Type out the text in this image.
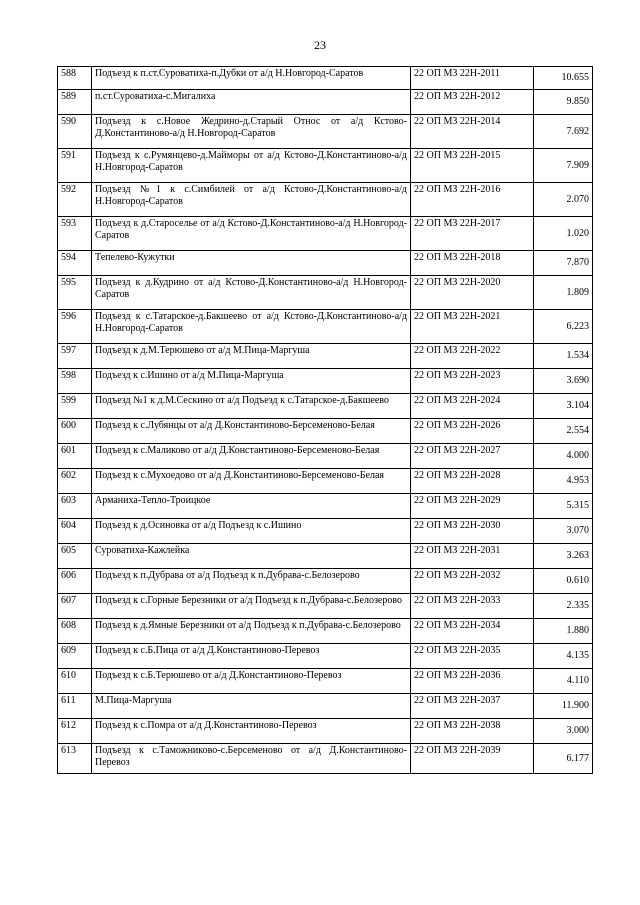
23
588	Подъезд к п.ст.Суроватиха-п.Дубки от а/д Н.Новгород-Саратов	22 ОП МЗ 22Н-2011	10.655
589	п.ст.Суроватиха-с.Мигалиха	22 ОП МЗ 22Н-2012	9.850
590	Подъезд к с.Новое Жедрино-д.Старый Относ от а/д Кстово-Д.Константиново-а/д Н.Новгород-Саратов	22 ОП МЗ 22Н-2014	7.692
591	Подъезд к с.Румянцево-д.Майморы от а/д Кстово-Д.Константиново-а/д Н.Новгород-Саратов	22 ОП МЗ 22Н-2015	7.909
592	Подъезд №1 к с.Симбилей от а/д Кстово-Д.Константиново-а/д Н.Новгород-Саратов	22 ОП МЗ 22Н-2016	2.070
593	Подъезд к д.Староселье от а/д Кстово-Д.Константиново-а/д Н.Новгород-Саратов	22 ОП МЗ 22Н-2017	1.020
594	Тепелево-Кужутки	22 ОП МЗ 22Н-2018	7.870
595	Подъезд к д.Кудрино от а/д Кстово-Д.Константиново-а/д Н.Новгород-Саратов	22 ОП МЗ 22Н-2020	1.809
596	Подъезд к с.Татарское-д.Бакшеево от а/д Кстово-Д.Константиново-а/д Н.Новгород-Саратов	22 ОП МЗ 22Н-2021	6.223
597	Подъезд к д.М.Терюшево от а/д М.Пица-Маргуша	22 ОП МЗ 22Н-2022	1.534
598	Подъезд к с.Ишино от а/д М.Пица-Маргуша	22 ОП МЗ 22Н-2023	3.690
599	Подъезд №1 к д.М.Сескино от а/д Подъезд к с.Татарское-д.Бакшеево	22 ОП МЗ 22Н-2024	3.104
600	Подъезд к с.Лубянцы от а/д Д.Константиново-Берсеменово-Белая	22 ОП МЗ 22Н-2026	2.554
601	Подъезд к с.Маликово от а/д Д.Константиново-Берсеменово-Белая	22 ОП МЗ 22Н-2027	4.000
602	Подъезд к с.Мухоедово от а/д Д.Константиново-Берсеменово-Белая	22 ОП МЗ 22Н-2028	4.953
603	Арманиха-Тепло-Троицкое	22 ОП МЗ 22Н-2029	5.315
604	Подъезд к д.Осиновка от а/д Подъезд к с.Ишино	22 ОП МЗ 22Н-2030	3.070
605	Суроватиха-Кажлейка	22 ОП МЗ 22Н-2031	3.263
606	Подъезд к п.Дубрава от а/д Подъезд к п.Дубрава-с.Белозерово	22 ОП МЗ 22Н-2032	0.610
607	Подъезд к с.Горные Березники от а/д Подъезд к п.Дубрава-с.Белозерово	22 ОП МЗ 22Н-2033	2.335
608	Подъезд к д.Ямные Березники от а/д Подъезд к п.Дубрава-с.Белозерово	22 ОП МЗ 22Н-2034	1.880
609	Подъезд к с.Б.Пица от а/д Д.Константиново-Перевоз	22 ОП МЗ 22Н-2035	4.135
610	Подъезд к с.Б.Терюшево от а/д Д.Константиново-Перевоз	22 ОП МЗ 22Н-2036	4.110
611	М.Пица-Маргуша	22 ОП МЗ 22Н-2037	11.900
612	Подъезд к с.Помра от а/д Д.Константиново-Перевоз	22 ОП МЗ 22Н-2038	3.000
613	Подъезд к с.Таможниково-с.Берсеменово от а/д Д.Константиново-Перевоз	22 ОП МЗ 22Н-2039	6.177
